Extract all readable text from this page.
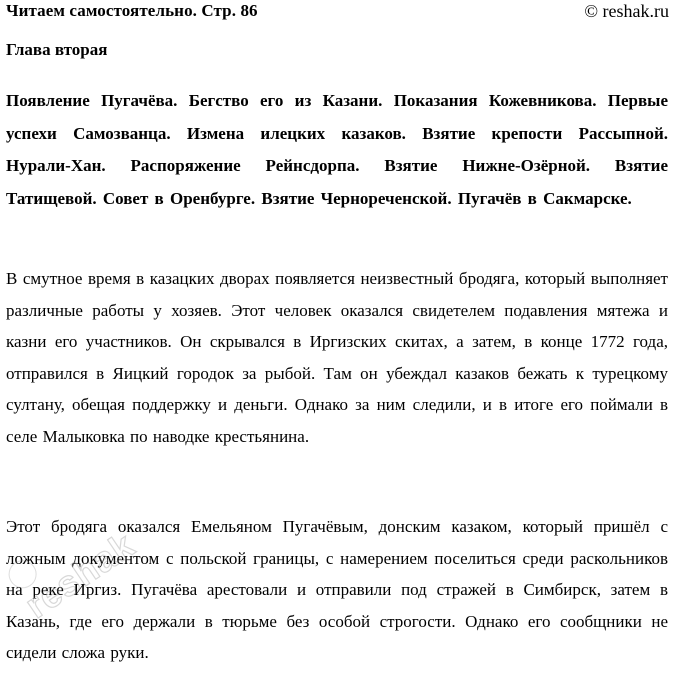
Читаем самостоятельно. Стр. 86	© reshak.ru
Глава вторая
Появление Пугачёва. Бегство его из Казани. Показания Кожевникова. Первые успехи Самозванца. Измена илецких казаков. Взятие крепости Рассыпной. Нурали-Хан. Распоряжение Рейнсдорпа. Взятие Нижне-Озёрной. Взятие Татищевой. Совет в Оренбурге. Взятие Чернореченской. Пугачёв в Сакмарске.
В смутное время в казацких дворах появляется неизвестный бродяга, который выполняет различные работы у хозяев. Этот человек оказался свидетелем подавления мятежа и казни его участников. Он скрывался в Иргизских скитах, а затем, в конце 1772 года, отправился в Яицкий городок за рыбой. Там он убеждал казаков бежать к турецкому султану, обещая поддержку и деньги. Однако за ним следили, и в итоге его поймали в селе Малыковка по наводке крестьянина.
Этот бродяга оказался Емельяном Пугачёвым, донским казаком, который пришёл с ложным документом с польской границы, с намерением поселиться среди раскольников на реке Иргиз. Пугачёва арестовали и отправили под стражей в Симбирск, затем в Казань, где его держали в тюрьме без особой строгости. Однако его сообщники не сидели сложа руки.
reshak
